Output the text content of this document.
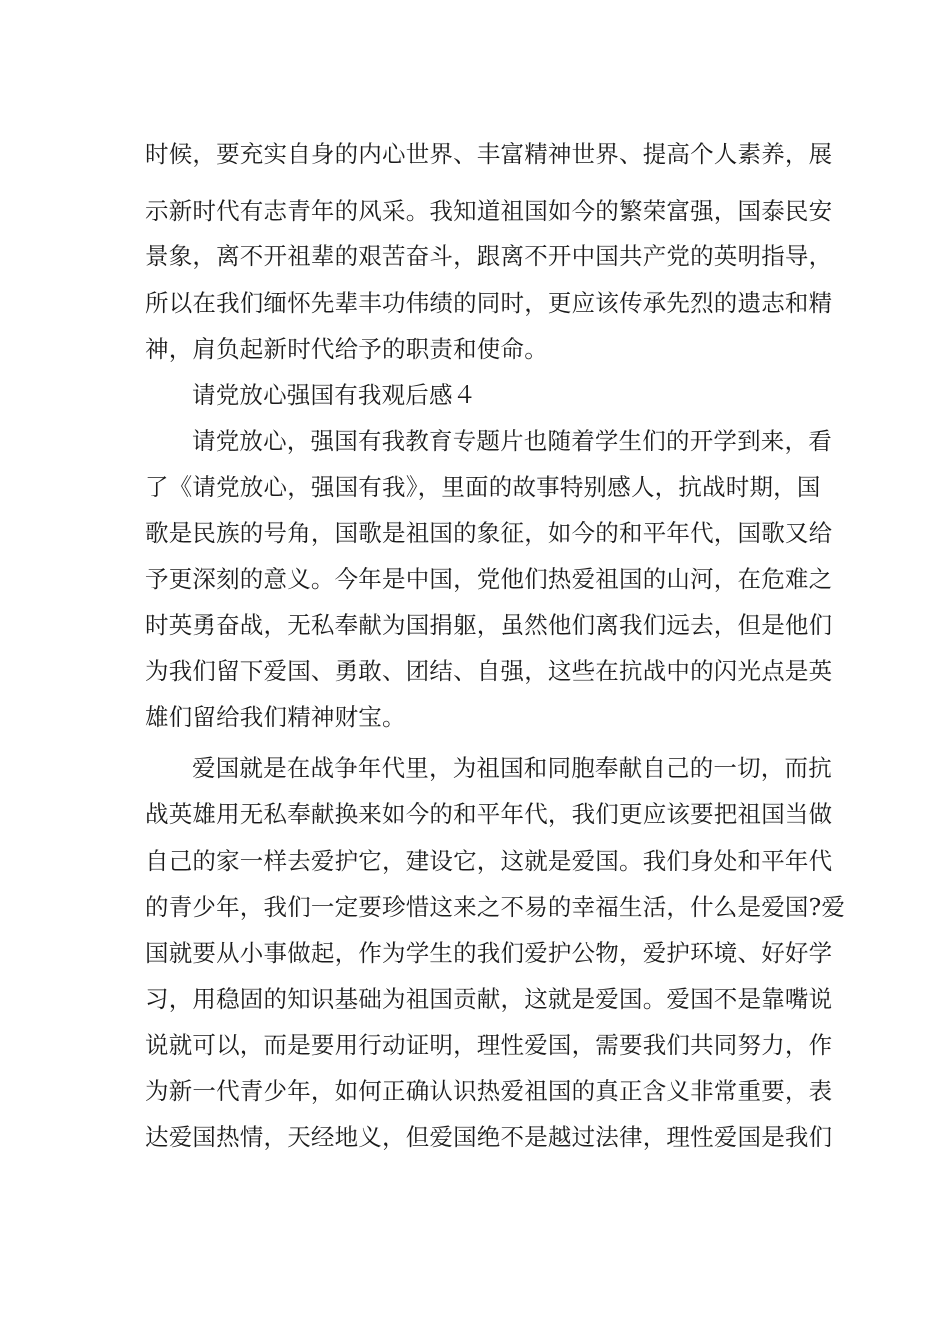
时候，要充实自身的内心世界、丰富精神世界、提高个人素养，展
示新时代有志青年的风采。我知道祖国如今的繁荣富强，国泰民安
景象，离不开祖辈的艰苦奋斗，跟离不开中国共产党的英明指导，
所以在我们缅怀先辈丰功伟绩的同时，更应该传承先烈的遗志和精
神，肩负起新时代给予的职责和使命。
请党放心强国有我观后感４
请党放心，强国有我教育专题片也随着学生们的开学到来，看
了《请党放心，强国有我》，里面的故事特别感人，抗战时期，国
歌是民族的号角，国歌是祖国的象征，如今的和平年代，国歌又给
予更深刻的意义。今年是中国，党他们热爱祖国的山河，在危难之
时英勇奋战，无私奉献为国捐躯，虽然他们离我们远去，但是他们
为我们留下爱国、勇敢、团结、自强，这些在抗战中的闪光点是英
雄们留给我们精神财宝。
爱国就是在战争年代里，为祖国和同胞奉献自己的一切，而抗
战英雄用无私奉献换来如今的和平年代，我们更应该要把祖国当做
自己的家一样去爱护它，建设它，这就是爱国。我们身处和平年代
的青少年，我们一定要珍惜这来之不易的幸福生活，什么是爱国?爱
国就要从小事做起，作为学生的我们爱护公物，爱护环境、好好学
习，用稳固的知识基础为祖国贡献，这就是爱国。爱国不是靠嘴说
说就可以，而是要用行动证明，理性爱国，需要我们共同努力，作
为新一代青少年，如何正确认识热爱祖国的真正含义非常重要，表
达爱国热情，天经地义，但爱国绝不是越过法律，理性爱国是我们
